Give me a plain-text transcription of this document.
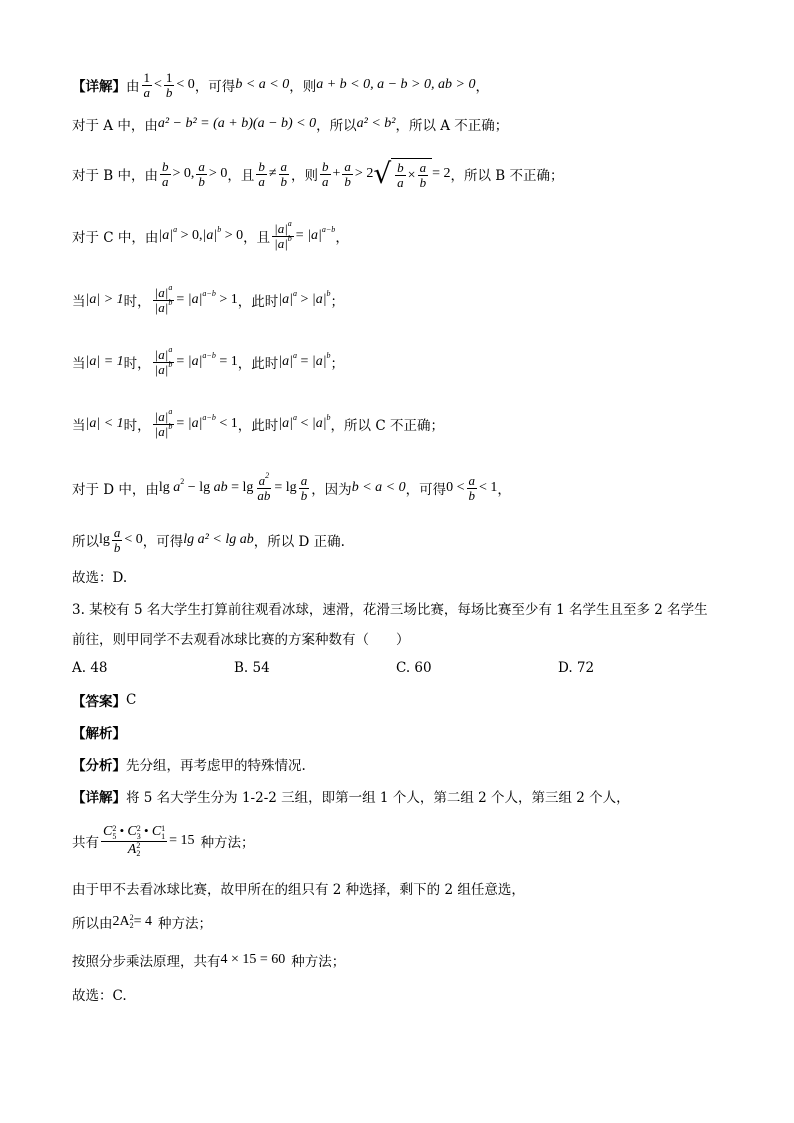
【详解】 由 $\frac{1}{a} < \frac{1}{b} < 0$ ，可得 b < a < 0 ，则 a + b < 0, a − b > 0, ab > 0 ，
对于 A 中，由 a² − b² = (a + b)(a − b) < 0 ，所以 a² < b² ，所以 A 不正确；
对于 B 中，由 $\frac{b}{a} > 0$, $\frac{a}{b} > 0$ ，且 $\frac{b}{a} \ne \frac{a}{b}$ ，则 $\frac{b}{a} + \frac{a}{b} > 2$ √ $\frac{b}{a} \times \frac{a}{b} = 2$ ，所以 B 不正确；
对于 C 中，由 $|a|^a > 0,|a|^b > 0$ ，且 $\frac{|a|^a}{|a|^b} = |a|^{a-b}$
，
当 |a| > 1 时， $\frac{|a|^a}{|a|^b} = |a|^{a-b} > 1$ ，此时 $|a|^a > |a|^b$
；
当 |a| = 1 时， $\frac{|a|^a}{|a|^b} = |a|^{a-b} = 1$ ，此时 $|a|^a = |a|^b$
；
当 |a| < 1 时， $\frac{|a|^a}{|a|^b} = |a|^{a-b} < 1$ ，此时 $|a|^a < |a|^b$
，所以 C 不正确；
对于 D 中，由 $\lg a^2 - \lg$ ab = $\lg \frac{a^2}{ab} = \lg \frac{a}{b}$ ，因为 b < a < 0 ，可得 $0 < \frac{a}{b} < 1$ ，
所以 $\lg \frac{a}{b} < 0$ ，可得 lg a² < lg ab ，所以 D 正确.
故选：D.
3. 某校有 5 名大学生打算前往观看冰球，速滑，花滑三场比赛，每场比赛至少有 1 名学生且至多 2 名学生
前往，则甲同学不去观看冰球比赛的方案种数有（　　）
A. 48	B. 54	C. 60	D. 72
【答案】 C
【解析】
【分析】 先分组，再考虑甲的特殊情况.
【详解】 将 5 名大学生分为 1-2-2 三组，即第一组 1 个人，第二组 2 个人，第三组 2 个人，
共有 C 2
5 • C 2
3 • C 1
1
A 2
2 = 15 种方法；
由于甲不去看冰球比赛，故甲所在的组只有 2 种选择，剩下的 2 组任意选，
所以由 2A 2
2 = 4 种方法；
按照分步乘法原理，共有 4 × 15 = 60 种方法；
故选：C.
